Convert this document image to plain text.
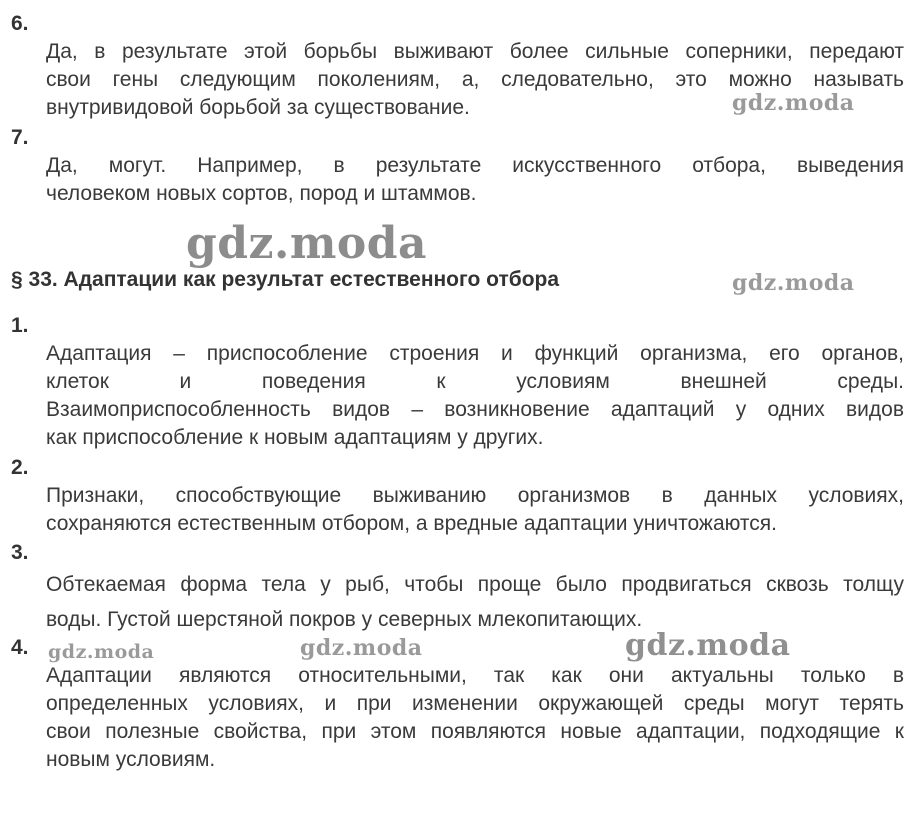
6.
Да, в результате этой борьбы выживают более сильные соперники, передают
свои гены следующим поколениям, а, следовательно, это можно называть
внутривидовой борьбой за существование.
7.
Да, могут. Например, в результате искусственного отбора, выведения
человеком новых сортов, пород и штаммов.
§ 33. Адаптации как результат естественного отбора
1.
Адаптация – приспособление строения и функций организма, его органов,
клеток и поведения к условиям внешней среды.
Взаимоприспособленность видов – возникновение адаптаций у одних видов
как приспособление к новым адаптациям у других.
2.
Признаки, способствующие выживанию организмов в данных условиях,
сохраняются естественным отбором, а вредные адаптации уничтожаются.
3.
Обтекаемая форма тела у рыб, чтобы проще было продвигаться сквозь толщу
воды. Густой шерстяной покров у северных млекопитающих.
4.
Адаптации являются относительными, так как они актуальны только в
определенных условиях, и при изменении окружающей среды могут терять
свои полезные свойства, при этом появляются новые адаптации, подходящие к
новым условиям.
gdz.moda
gdz.moda
gdz.moda
gdz.moda	gdz.moda	gdz.moda
